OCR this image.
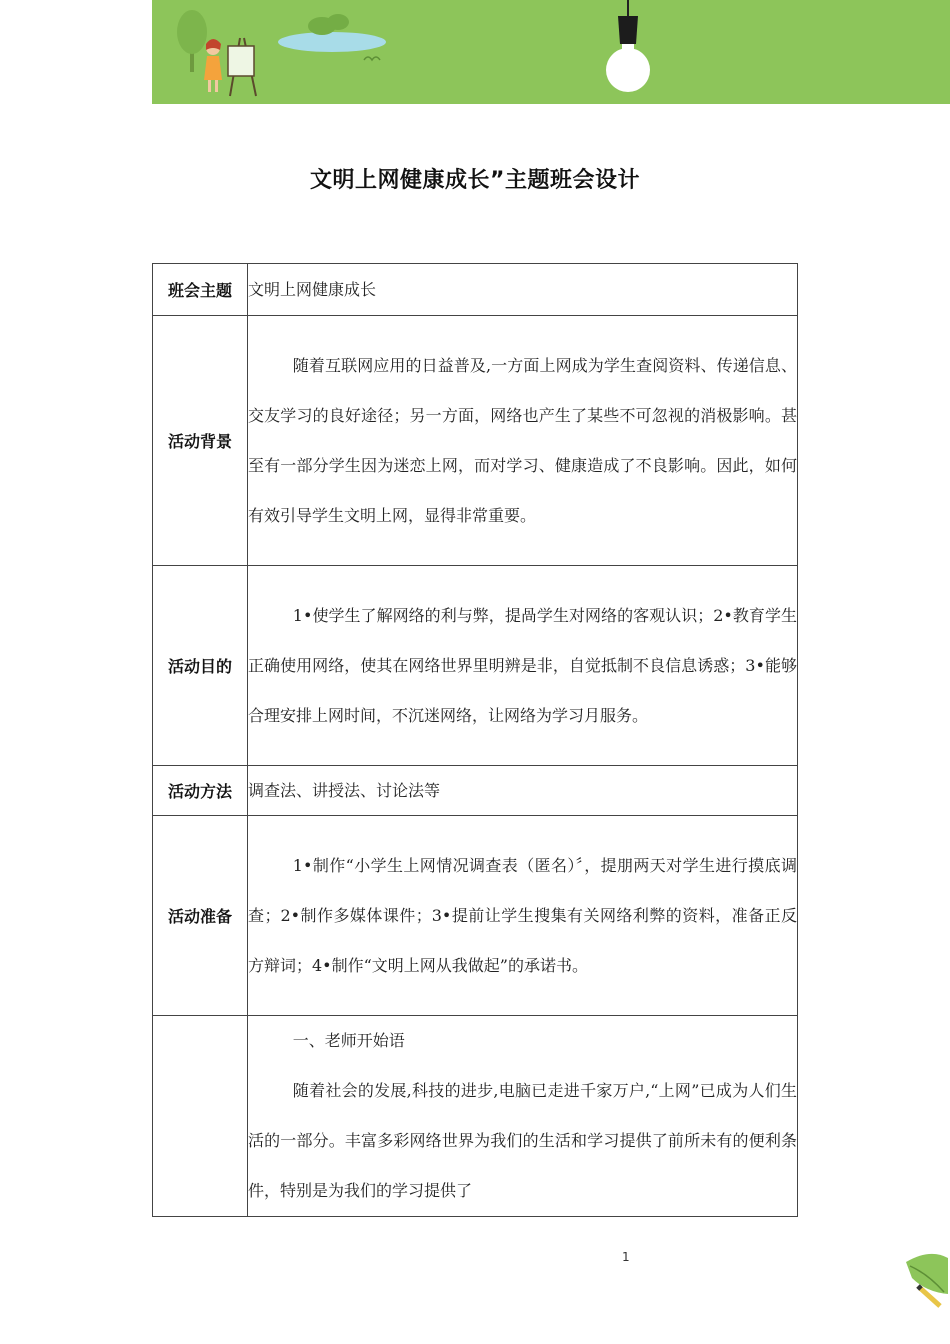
文明上网健康成长”主题班会设计
班会主题	文明上网健康成长
活动背景	随着互联网应用的日益普及,一方面上网成为学生查阅资料、传递信息、交友学习的良好途径；另一方面，网络也产生了某些不可忽视的消极影响。甚至有一部分学生因为迷恋上网，而对学习、健康造成了不良影响。因此，如何有效引导学生文明上网，显得非常重要。

活动目的	1•使学生了解网络的利与弊，提咼学生对网络的客观认识；2•教育学生正确使用网络，使其在网络世界里明辨是非，自觉抵制不良信息诱惑；3•能够合理安排上网时间，不沉迷网络，让网络为学习月服务。

活动方法	调查法、讲授法、讨论法等
活动准备	1•制作“小学生上网情况调查表（匿名）〞，提朋两天对学生进行摸底调查；2•制作多媒体课件；3•提前让学生搜集有关网络利弊的资料，准备正反方辩词；4•制作“文明上网从我做起”的承诺书。

	一、老师开始语
随着社会的发展,科技的进步,电脑已走进千家万户,“上网”已成为人们生活的一部分。丰富多彩网络世界为我们的生活和学习提供了前所未有的便利条件，特别是为我们的学习提供了
1
